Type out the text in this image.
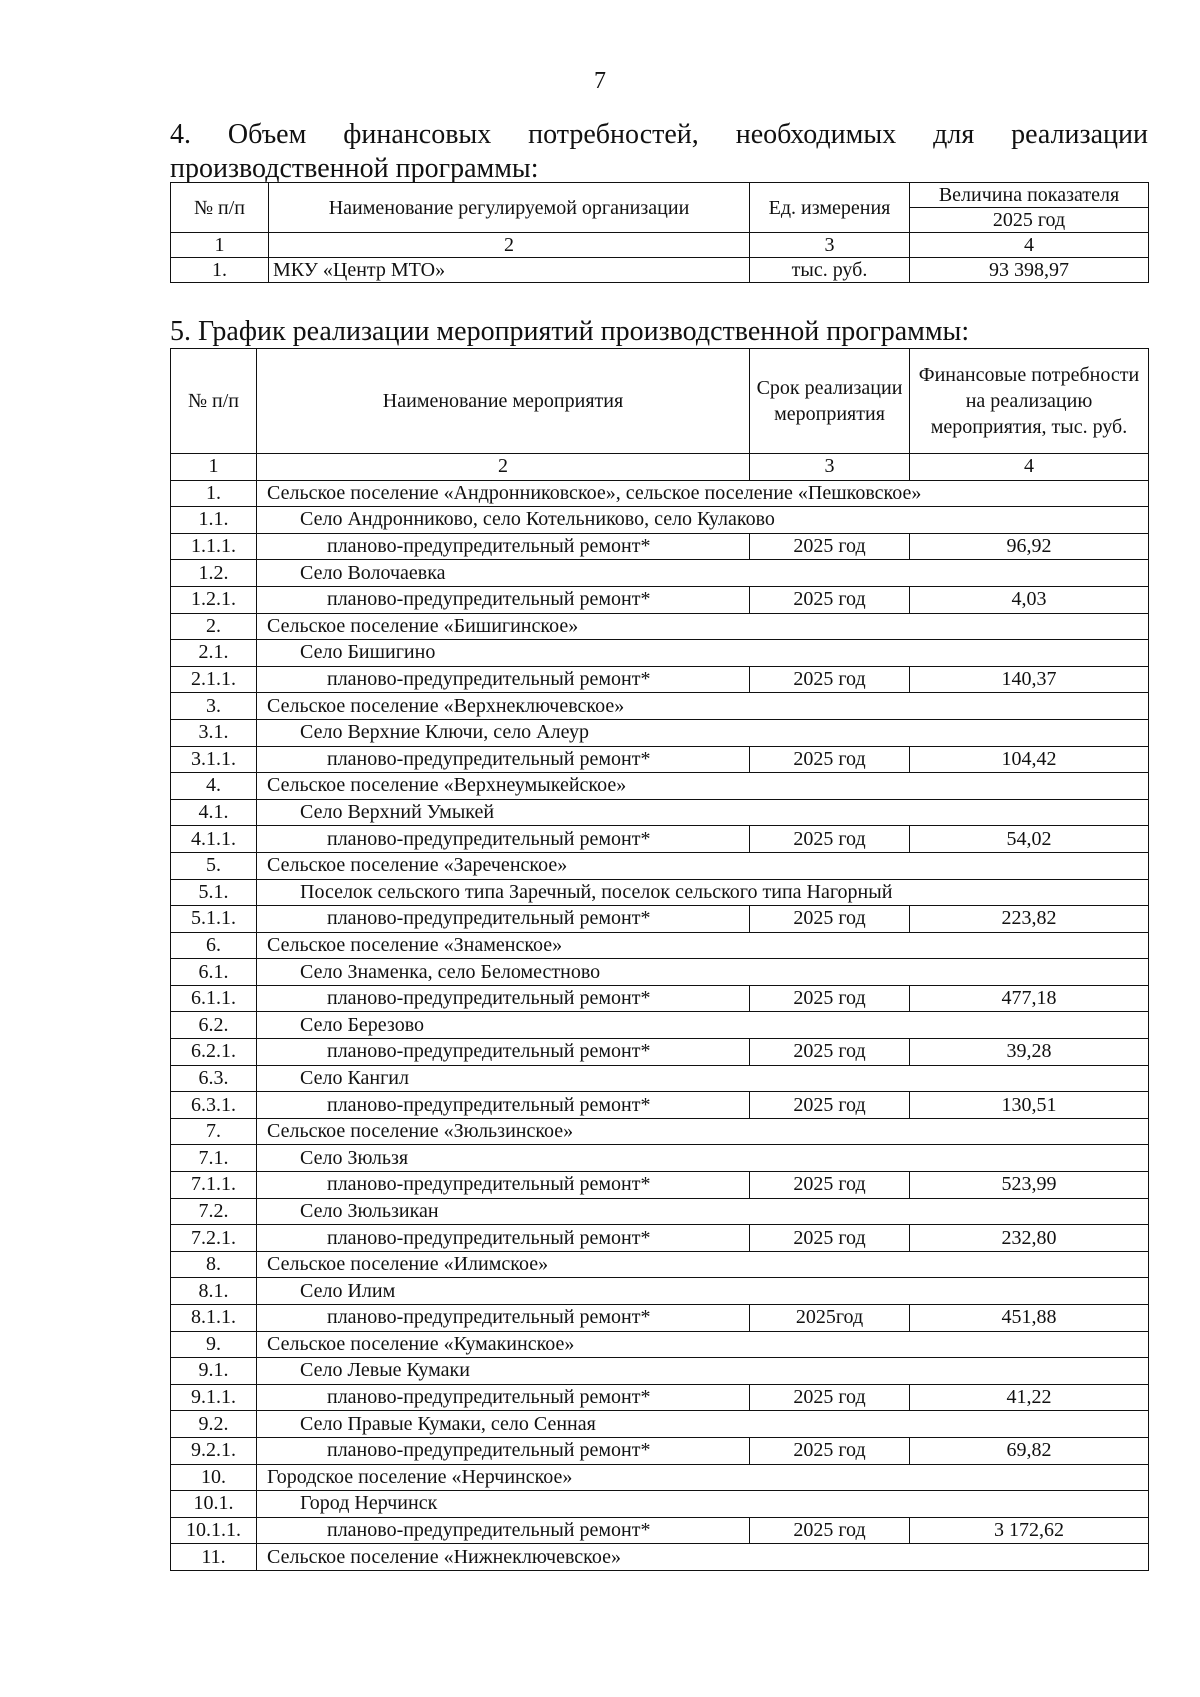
7
4. Объем финансовых потребностей, необходимых для реализации
производственной программы:
№ п/п	Наименование регулируемой организации	Ед. измерения	Величина показателя
			2025 год
1	2	3	4
1.	МКУ «Центр МТО»	тыс. руб.	93 398,97
5. График реализации мероприятий производственной программы:
№ п/п	Наименование мероприятия	Срок реализации мероприятия	Финансовые потребности на реализацию мероприятия, тыс. руб.
1	2	3	4
1.	Сельское поселение «Андронниковское», сельское поселение «Пешковское»		
1.1.	Село Андронниково, село Котельниково, село Кулаково		
1.1.1.	планово-предупредительный ремонт*	2025 год	96,92
1.2.	Село Волочаевка		
1.2.1.	планово-предупредительный ремонт*	2025 год	4,03
2.	Сельское поселение «Бишигинское»		
2.1.	Село Бишигино		
2.1.1.	планово-предупредительный ремонт*	2025 год	140,37
3.	Сельское поселение «Верхнеключевское»		
3.1.	Село Верхние Ключи, село Алеур		
3.1.1.	планово-предупредительный ремонт*	2025 год	104,42
4.	Сельское поселение «Верхнеумыкейское»		
4.1.	Село Верхний Умыкей		
4.1.1.	планово-предупредительный ремонт*	2025 год	54,02
5.	Сельское поселение «Зареченское»		
5.1.	Поселок сельского типа Заречный, поселок сельского типа Нагорный		
5.1.1.	планово-предупредительный ремонт*	2025 год	223,82
6.	Сельское поселение «Знаменское»		
6.1.	Село Знаменка, село Беломестново		
6.1.1.	планово-предупредительный ремонт*	2025 год	477,18
6.2.	Село Березово		
6.2.1.	планово-предупредительный ремонт*	2025 год	39,28
6.3.	Село Кангил		
6.3.1.	планово-предупредительный ремонт*	2025 год	130,51
7.	Сельское поселение «Зюльзинское»		
7.1.	Село Зюльзя		
7.1.1.	планово-предупредительный ремонт*	2025 год	523,99
7.2.	Село Зюльзикан		
7.2.1.	планово-предупредительный ремонт*	2025 год	232,80
8.	Сельское поселение «Илимское»		
8.1.	Село Илим		
8.1.1.	планово-предупредительный ремонт*	2025год	451,88
9.	Сельское поселение «Кумакинское»		
9.1.	Село Левые Кумаки		
9.1.1.	планово-предупредительный ремонт*	2025 год	41,22
9.2.	Село Правые Кумаки, село Сенная		
9.2.1.	планово-предупредительный ремонт*	2025 год	69,82
10.	Городское поселение «Нерчинское»		
10.1.	Город Нерчинск		
10.1.1.	планово-предупредительный ремонт*	2025 год	3 172,62
11.	Сельское поселение «Нижнеключевское»		
